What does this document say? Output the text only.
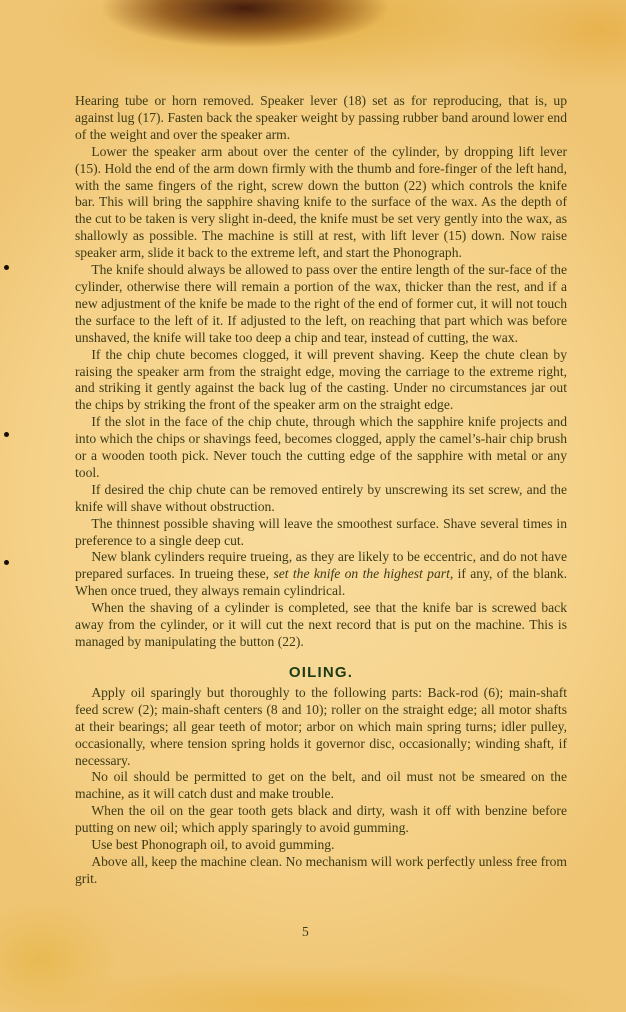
Hearing tube or horn removed. Speaker lever (18) set as for reproducing, that is, up against lug (17). Fasten back the speaker weight by passing rubber band around lower end of the weight and over the speaker arm.

Lower the speaker arm about over the center of the cylinder, by dropping lift lever (15). Hold the end of the arm down firmly with the thumb and fore-finger of the left hand, with the same fingers of the right, screw down the button (22) which controls the knife bar. This will bring the sapphire shaving knife to the surface of the wax. As the depth of the cut to be taken is very slight in-deed, the knife must be set very gently into the wax, as shallowly as possible. The machine is still at rest, with lift lever (15) down. Now raise speaker arm, slide it back to the extreme left, and start the Phonograph.

The knife should always be allowed to pass over the entire length of the sur-face of the cylinder, otherwise there will remain a portion of the wax, thicker than the rest, and if a new adjustment of the knife be made to the right of the end of former cut, it will not touch the surface to the left of it. If adjusted to the left, on reaching that part which was before unshaved, the knife will take too deep a chip and tear, instead of cutting, the wax.

If the chip chute becomes clogged, it will prevent shaving. Keep the chute clean by raising the speaker arm from the straight edge, moving the carriage to the extreme right, and striking it gently against the back lug of the casting. Under no circumstances jar out the chips by striking the front of the speaker arm on the straight edge.

If the slot in the face of the chip chute, through which the sapphire knife projects and into which the chips or shavings feed, becomes clogged, apply the camel’s-hair chip brush or a wooden tooth pick. Never touch the cutting edge of the sapphire with metal or any tool.

If desired the chip chute can be removed entirely by unscrewing its set screw, and the knife will shave without obstruction.

The thinnest possible shaving will leave the smoothest surface. Shave several times in preference to a single deep cut.

New blank cylinders require trueing, as they are likely to be eccentric, and do not have prepared surfaces. In trueing these, set the knife on the highest part, if any, of the blank. When once trued, they always remain cylindrical.

When the shaving of a cylinder is completed, see that the knife bar is screwed back away from the cylinder, or it will cut the next record that is put on the machine. This is managed by manipulating the button (22).

OILING.

Apply oil sparingly but thoroughly to the following parts: Back-rod (6); main-shaft feed screw (2); main-shaft centers (8 and 10); roller on the straight edge; all motor shafts at their bearings; all gear teeth of motor; arbor on which main spring turns; idler pulley, occasionally, where tension spring holds it governor disc, occasionally; winding shaft, if necessary.

No oil should be permitted to get on the belt, and oil must not be smeared on the machine, as it will catch dust and make trouble.

When the oil on the gear tooth gets black and dirty, wash it off with benzine before putting on new oil; which apply sparingly to avoid gumming.

Use best Phonograph oil, to avoid gumming.

Above all, keep the machine clean. No mechanism will work perfectly unless free from grit.

5
